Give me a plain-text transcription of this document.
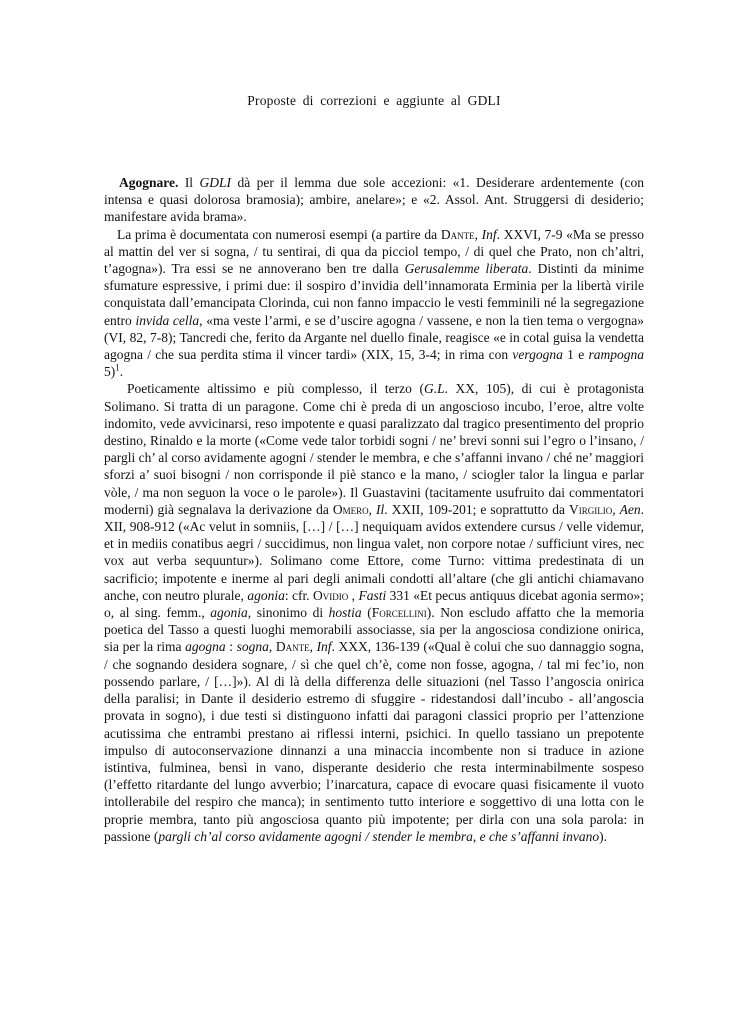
Proposte di correzioni e aggiunte al GDLI

Agognare. Il GDLI dà per il lemma due sole accezioni: «1. Desiderare ardentemente (con intensa e quasi dolorosa bramosia); ambire, anelare»; e «2. Assol. Ant. Struggersi di desiderio; manifestare avida brama».

La prima è documentata con numerosi esempi (a partire da Dante, Inf. XXVI, 7-9 «Ma se presso al mattin del ver si sogna, / tu sentirai, di qua da picciol tempo, / di quel che Prato, non ch’altri, t’agogna»). Tra essi se ne annoverano ben tre dalla Gerusalemme liberata. Distinti da minime sfumature espressive, i primi due: il sospiro d’invidia dell’innamorata Erminia per la libertà virile conquistata dall’emancipata Clorinda, cui non fanno impaccio le vesti femminili né la segregazione entro invida cella, «ma veste l’armi, e se d’uscire agogna / vassene, e non la tien tema o vergogna» (VI, 82, 7-8); Tancredi che, ferito da Argante nel duello finale, reagisce «e in cotal guisa la vendetta agogna / che sua perdita stima il vincer tardi» (XIX, 15, 3-4; in rima con vergogna 1 e rampogna 5)$^1$.

Poeticamente altissimo e più complesso, il terzo (G.L. XX, 105), di cui è protagonista Solimano. Si tratta di un paragone. Come chi è preda di un angoscioso incubo, l’eroe, altre volte indomito, vede avvicinarsi, reso impotente e quasi paralizzato dal tragico presentimento del proprio destino, Rinaldo e la morte («Come vede talor torbidi sogni / ne’ brevi sonni sui l’egro o l’insano, / pargli ch’ al corso avidamente agogni / stender le membra, e che s’affanni invano / ché ne’ maggiori sforzi a’ suoi bisogni / non corrisponde il piè stanco e la mano, / sciogler talor la lingua e parlar vòle, / ma non seguon la voce o le parole»). Il Guastavini (tacitamente usufruito dai commentatori moderni) già segnalava la derivazione da Omero, Il. XXII, 109-201; e soprattutto da Virgilio, Aen. XII, 908-912 («Ac velut in somniis, […] / […] nequiquam avidos extendere cursus / velle videmur, et in mediis conatibus aegri / succidimus, non lingua valet, non corpore notae / sufficiunt vires, nec vox aut verba sequuntur»). Solimano come Ettore, come Turno: vittima predestinata di un sacrificio; impotente e inerme al pari degli animali condotti all’altare (che gli antichi chiamavano anche, con neutro plurale, agonia: cfr. Ovidio , Fasti 331 «Et pecus antiquus dicebat agonia sermo»; o, al sing. femm., agonia, sinonimo di hostia (Forcellini). Non escludo affatto che la memoria poetica del Tasso a questi luoghi memorabili associasse, sia per la angosciosa condizione onirica, sia per la rima agogna : sogna, Dante, Inf. XXX, 136-139 («Qual è colui che suo dannaggio sogna, / che sognando desidera sognare, / sì che quel ch’è, come non fosse, agogna, / tal mi fec’io, non possendo parlare, / […]»). Al di là della differenza delle situazioni (nel Tasso l’angoscia onirica della paralisi; in Dante il desiderio estremo di sfuggire - ridestandosi dall’incubo - all’angoscia provata in sogno), i due testi si distinguono infatti dai paragoni classici proprio per l’attenzione acutissima che entrambi prestano ai riflessi interni, psichici. In quello tassiano un prepotente impulso di autoconservazione dinnanzi a una minaccia incombente non si traduce in azione istintiva, fulminea, bensì in vano, disperante desiderio che resta interminabilmente sospeso (l’effetto ritardante del lungo avverbio; l’inarcatura, capace di evocare quasi fisicamente il vuoto intollerabile del respiro che manca); in sentimento tutto interiore e soggettivo di una lotta con le proprie membra, tanto più angosciosa quanto più impotente; per dirla con una sola parola: in passione (pargli ch’al corso avidamente agogni / stender le membra, e che s’affanni invano).
